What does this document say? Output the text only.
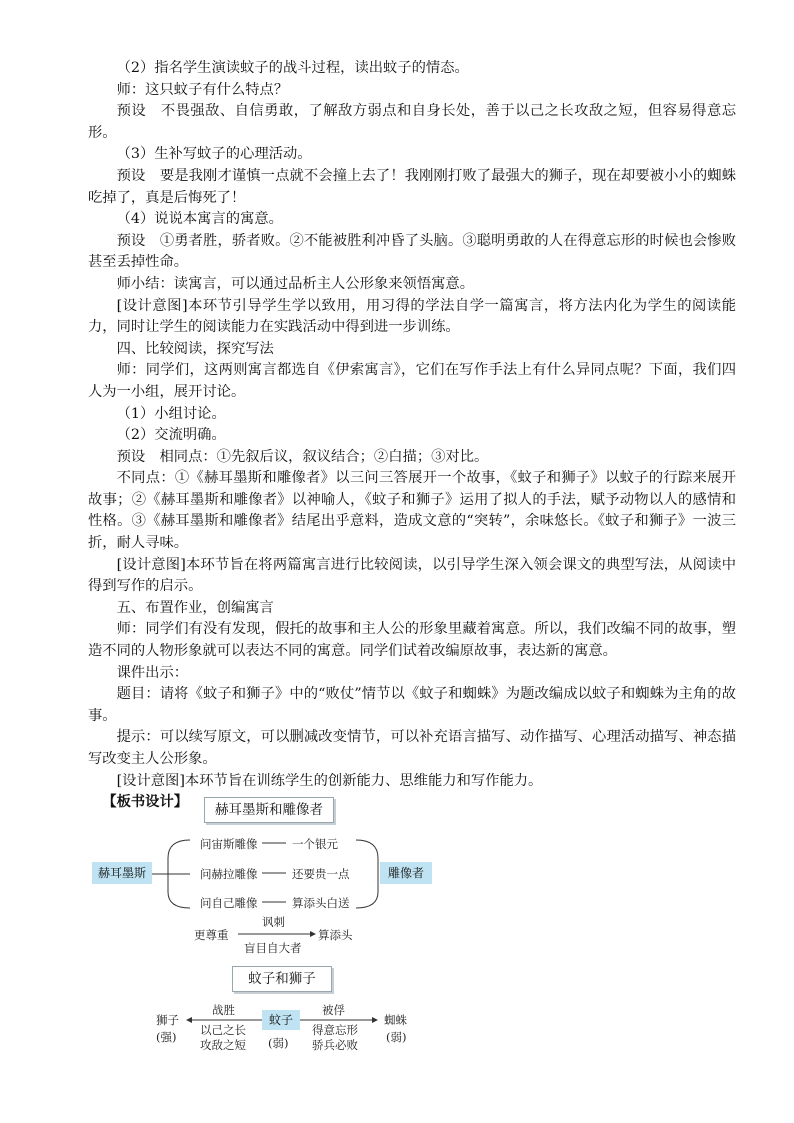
（2）指名学生演读蚊子的战斗过程，读出蚊子的情态。

师：这只蚊子有什么特点？

预设　不畏强敌、自信勇敢，了解敌方弱点和自身长处，善于以己之长攻敌之短，但容易得意忘形。

（3）生补写蚊子的心理活动。

预设　要是我刚才谨慎一点就不会撞上去了！我刚刚打败了最强大的狮子，现在却要被小小的蜘蛛吃掉了，真是后悔死了！

（4）说说本寓言的寓意。

预设　①勇者胜，骄者败。②不能被胜利冲昏了头脑。③聪明勇敢的人在得意忘形的时候也会惨败甚至丢掉性命。

师小结：读寓言，可以通过品析主人公形象来领悟寓意。

[设计意图]本环节引导学生学以致用，用习得的学法自学一篇寓言，将方法内化为学生的阅读能力，同时让学生的阅读能力在实践活动中得到进一步训练。

四、比较阅读，探究写法

师：同学们，这两则寓言都选自《伊索寓言》，它们在写作手法上有什么异同点呢？下面，我们四人为一小组，展开讨论。

（1）小组讨论。

（2）交流明确。

预设　相同点：①先叙后议，叙议结合；②白描；③对比。

不同点：①《赫耳墨斯和雕像者》以三问三答展开一个故事，《蚊子和狮子》以蚊子的行踪来展开故事；②《赫耳墨斯和雕像者》以神喻人，《蚊子和狮子》运用了拟人的手法，赋予动物以人的感情和性格。③《赫耳墨斯和雕像者》结尾出乎意料，造成文意的“突转”，余味悠长。《蚊子和狮子》一波三折，耐人寻味。

[设计意图]本环节旨在将两篇寓言进行比较阅读，以引导学生深入领会课文的典型写法，从阅读中得到写作的启示。

五、布置作业，创编寓言

师：同学们有没有发现，假托的故事和主人公的形象里藏着寓意。所以，我们改编不同的故事，塑造不同的人物形象就可以表达不同的寓意。同学们试着改编原故事，表达新的寓意。

课件出示：

题目：请将《蚊子和狮子》中的“败仗”情节以《蚊子和蜘蛛》为题改编成以蚊子和蜘蛛为主角的故事。

提示：可以续写原文，可以删减改变情节，可以补充语言描写、动作描写、心理活动描写、神态描写改变主人公形象。

[设计意图]本环节旨在训练学生的创新能力、思维能力和写作能力。

【板书设计】	赫耳墨斯和雕像者
赫耳墨斯	雕像者
问宙斯雕像
问赫拉雕像
问自己雕像
一个银元
还要贵一点
算添头白送
讽刺
更尊重	算添头
盲目自大者
蚊子和狮子
蚊子
(弱)
战胜
狮子
(强) 以己之长
攻敌之短
被俘
蜘蛛
(弱)
得意忘形
骄兵必败
